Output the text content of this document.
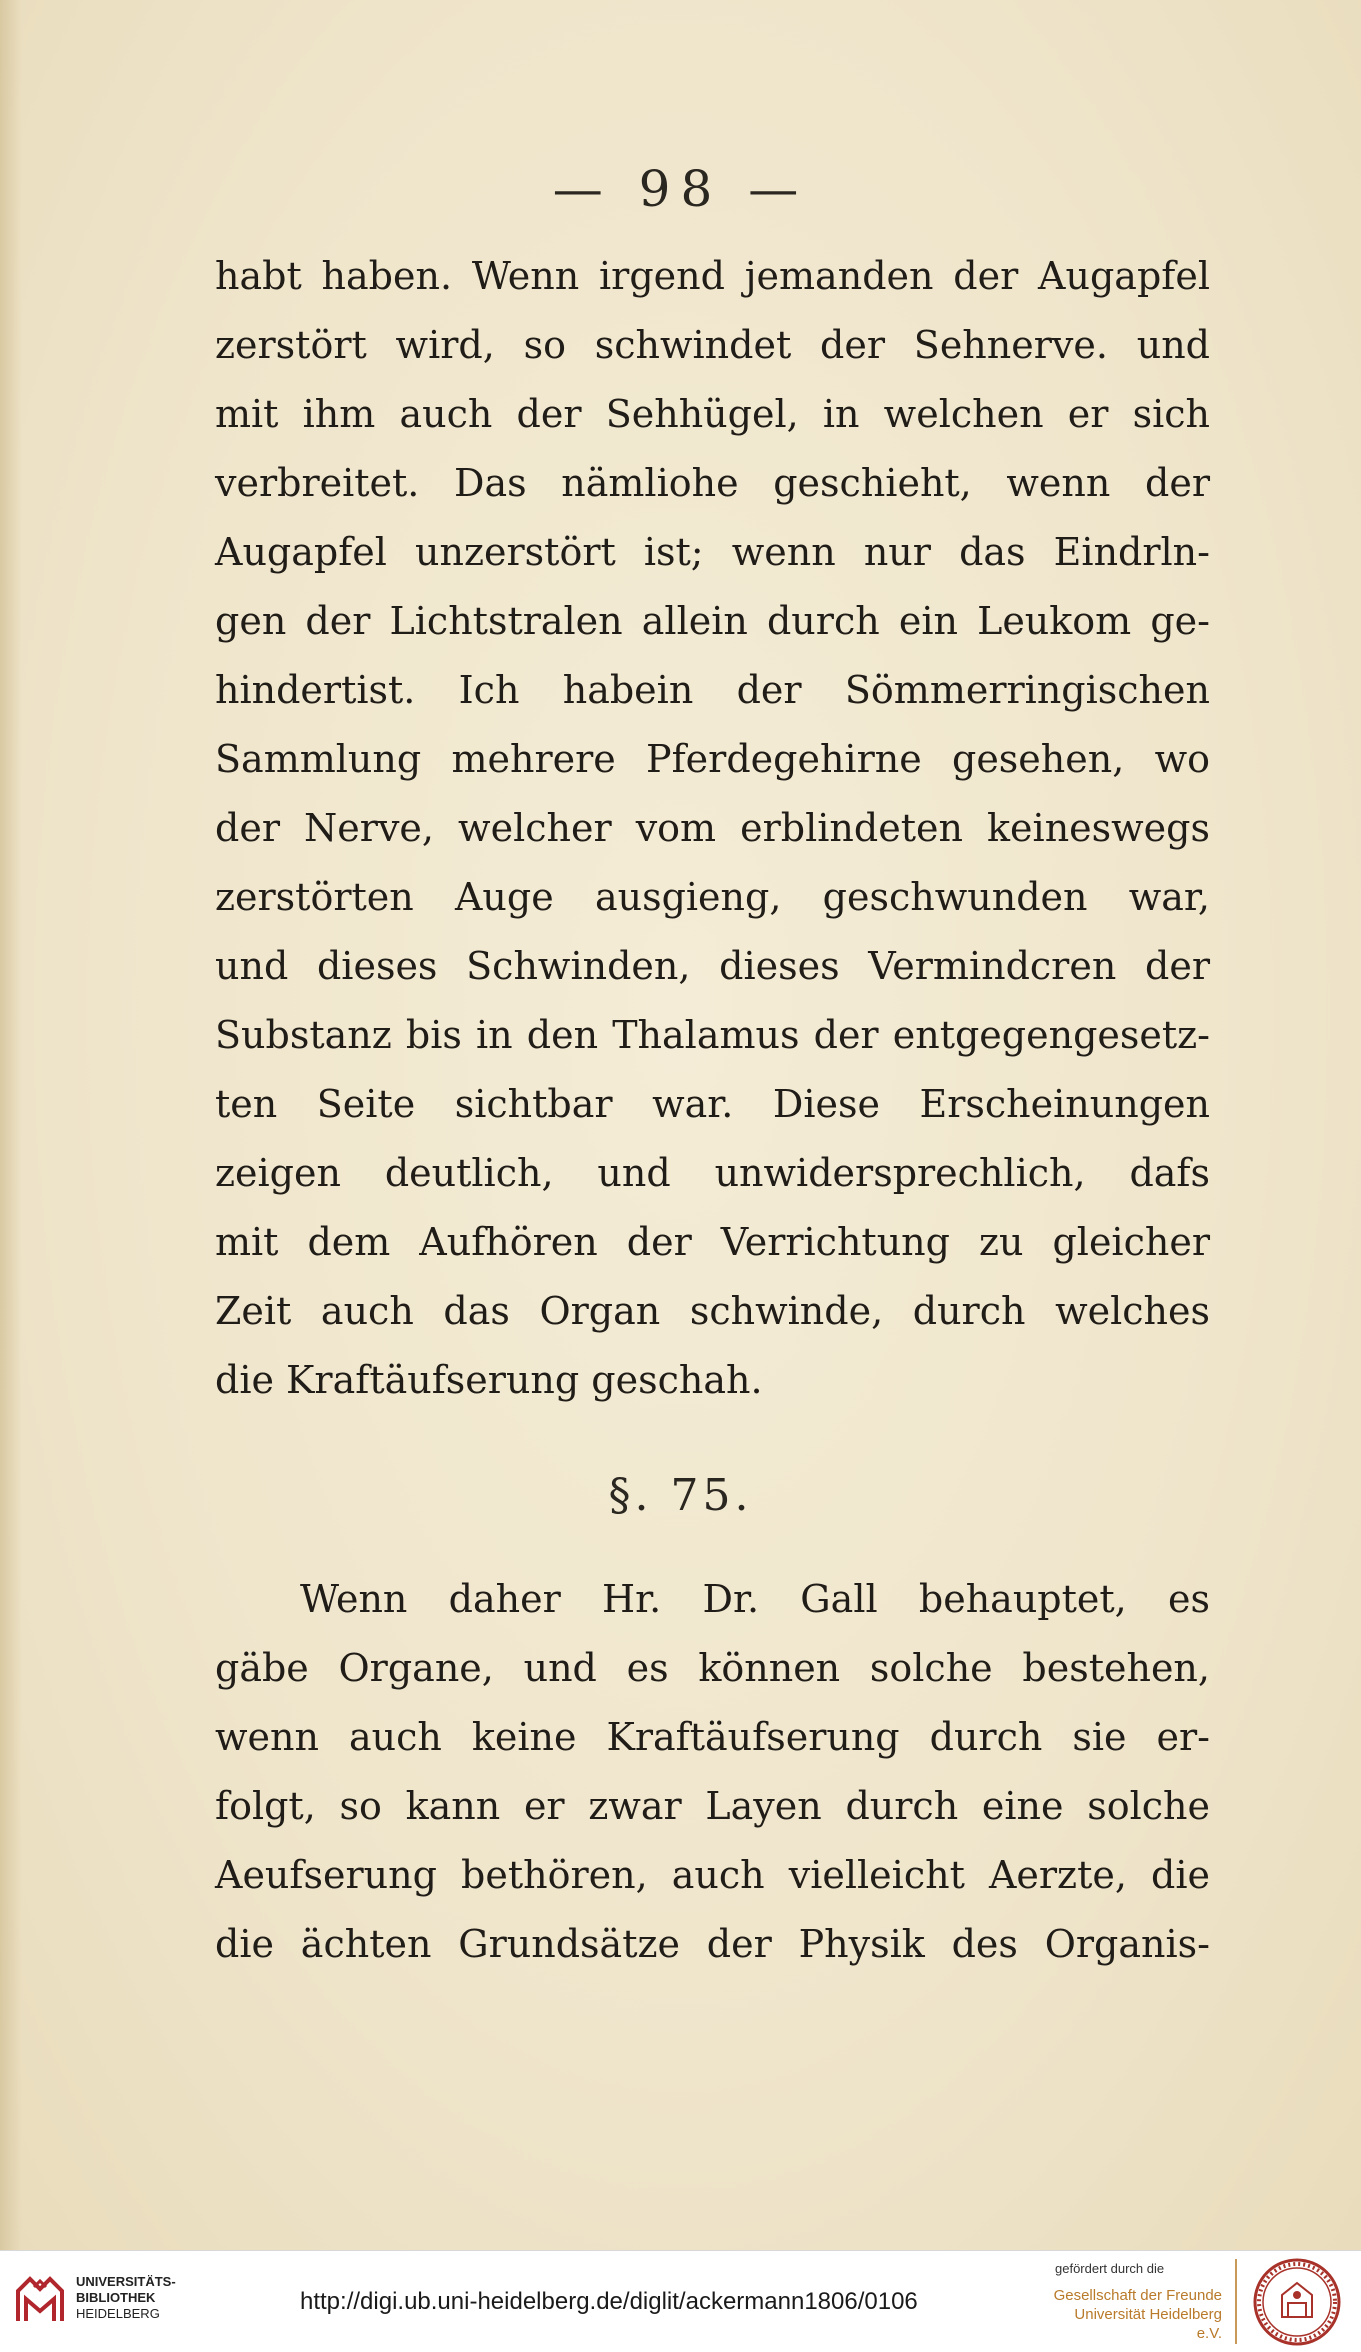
— 98 —
habt haben. Wenn irgend jemanden der Augapfel
zerstört wird, so schwindet der Sehnerve. und
mit ihm auch der Sehhügel, in welchen er sich
verbreitet. Das nämliohe geschieht, wenn der
Augapfel unzerstört ist; wenn nur das Eindrln-
gen der Lichtstralen allein durch ein Leukom ge-
hindertist. Ich habein der Sömmerringischen
Sammlung mehrere Pferdegehirne gesehen, wo
der Nerve, welcher vom erblindeten keineswegs
zerstörten Auge ausgieng, geschwunden war,
und dieses Schwinden, dieses Vermindcren der
Substanz bis in den Thalamus der entgegengesetz-
ten Seite sichtbar war. Diese Erscheinungen
zeigen deutlich, und unwidersprechlich, dafs
mit dem Aufhören der Verrichtung zu gleicher
Zeit auch das Organ schwinde, durch welches
die Kraftäufserung geschah.
§. 75.
Wenn daher Hr. Dr. Gall behauptet, es
gäbe Organe, und es können solche bestehen,
wenn auch keine Kraftäufserung durch sie er-
folgt, so kann er zwar Layen durch eine solche
Aeufserung bethören, auch vielleicht Aerzte, die
die ächten Grundsätze der Physik des Organis-
UNIVERSITÄTS-
BIBLIOTHEK
HEIDELBERG	http://digi.ub.uni-heidelberg.de/diglit/ackermann1806/0106
gefördert durch die
Gesellschaft der Freunde
Universität Heidelberg e.V.
